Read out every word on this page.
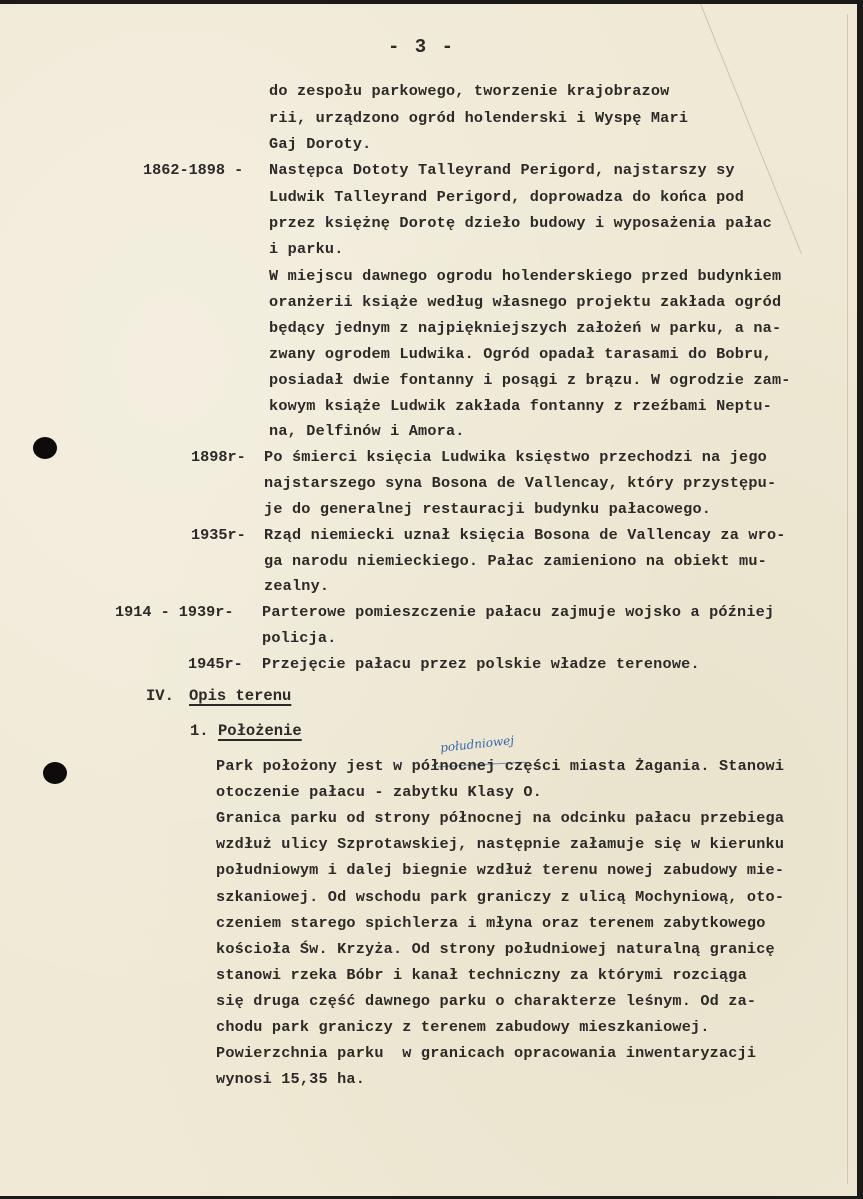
- 3 -
do zespołu parkowego, tworzenie krajobrazow
rii, urządzono ogród holenderski i Wyspę Mari
Gaj Doroty.
1862-1898 - Następca Dototy Talleyrand Perigord, najstarszy sy
Ludwik Talleyrand Perigord, doprowadza do końca pod
przez księżnę Dorotę dzieło budowy i wyposażenia pałac
i parku.
W miejscu dawnego ogrodu holenderskiego przed budynkiem
oranżerii książe według własnego projektu zakłada ogród
będący jednym z najpiękniejszych założeń w parku, a na-
zwany ogrodem Ludwika. Ogród opadał tarasami do Bobru,
posiadał dwie fontanny i posągi z brązu. W ogrodzie zam-
kowym książe Ludwik zakłada fontanny z rzeźbami Neptu-
na, Delfinów i Amora.
1898r- Po śmierci księcia Ludwika księstwo przechodzi na jego
najstarszego syna Bosona de Vallencay, który przystępu-
je do generalnej restauracji budynku pałacowego.
1935r- Rząd niemiecki uznał księcia Bosona de Vallencay za wro-
ga narodu niemieckiego. Pałac zamieniono na obiekt mu-
zealny.
1914 - 1939r- Parterowe pomieszczenie pałacu zajmuje wojsko a później
policja.
1945r- Przejęcie pałacu przez polskie władze terenowe.
IV. Opis terenu
1. Położenie
południowej
Park położony jest w północnej części miasta Żagania. Stanowi
otoczenie pałacu - zabytku Klasy O.
Granica parku od strony północnej na odcinku pałacu przebiega
wzdłuż ulicy Szprotawskiej, następnie załamuje się w kierunku
południowym i dalej biegnie wzdłuż terenu nowej zabudowy mie-
szkaniowej. Od wschodu park graniczy z ulicą Mochyniową, oto-
czeniem starego spichlerza i młyna oraz terenem zabytkowego
kościoła Św. Krzyża. Od strony południowej naturalną granicę
stanowi rzeka Bóbr i kanał techniczny za którymi rozciąga
się druga część dawnego parku o charakterze leśnym. Od za-
chodu park graniczy z terenem zabudowy mieszkaniowej.
Powierzchnia parku  w granicach opracowania inwentaryzacji
wynosi 15,35 ha.
